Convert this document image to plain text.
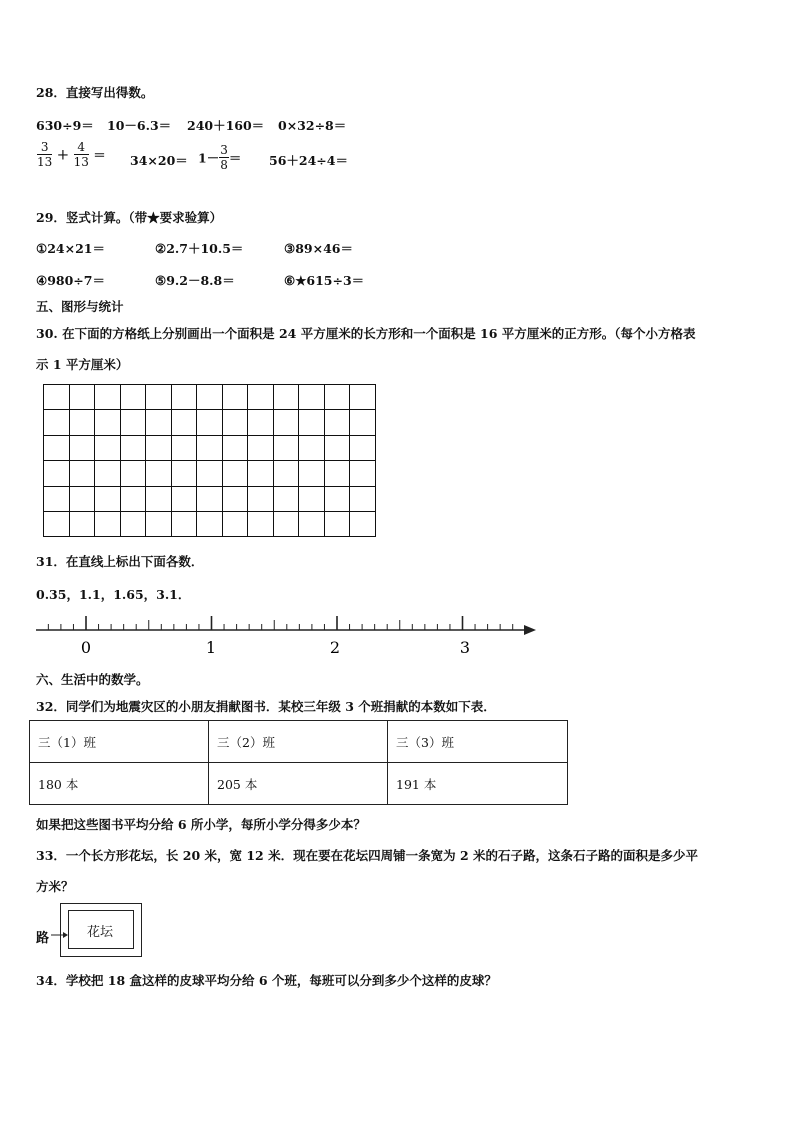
28．直接写出得数。
630÷9＝ 10－6.3＝ 240＋160＝ 0×32÷8＝
$\frac{3}{13} + \frac{4}{13} = 34\times 20= 1- \frac{3}{8} = 56+24\div 4=$
29．竖式计算。（带★要求验算）
①24×21＝	②2.7＋10.5＝	③89×46＝
④980÷7＝	⑤9.2－8.8＝	⑥★615÷3＝
五、图形与统计
30. 在下面的方格纸上分别画出一个面积是 24 平方厘米的长方形和一个面积是 16 平方厘米的正方形。（每个小方格表
示 1 平方厘米）

31．在直线上标出下面各数．
0.35，1.1，1.65，3.1．
0	1	2	3
六、生活中的数学。
32．同学们为地震灾区的小朋友捐献图书．某校三年级 3 个班捐献的本数如下表．
三（1）班	三（2）班	三（3）班
180 本	205 本	191 本
如果把这些图书平均分给 6 所小学，每所小学分得多少本？
33．一个长方形花坛，长 20 米，宽 12 米．现在要在花坛四周铺一条宽为 2 米的石子路，这条石子路的面积是多少平
方米？
花坛
路
34．学校把 18 盒这样的皮球平均分给 6 个班，每班可以分到多少个这样的皮球？
